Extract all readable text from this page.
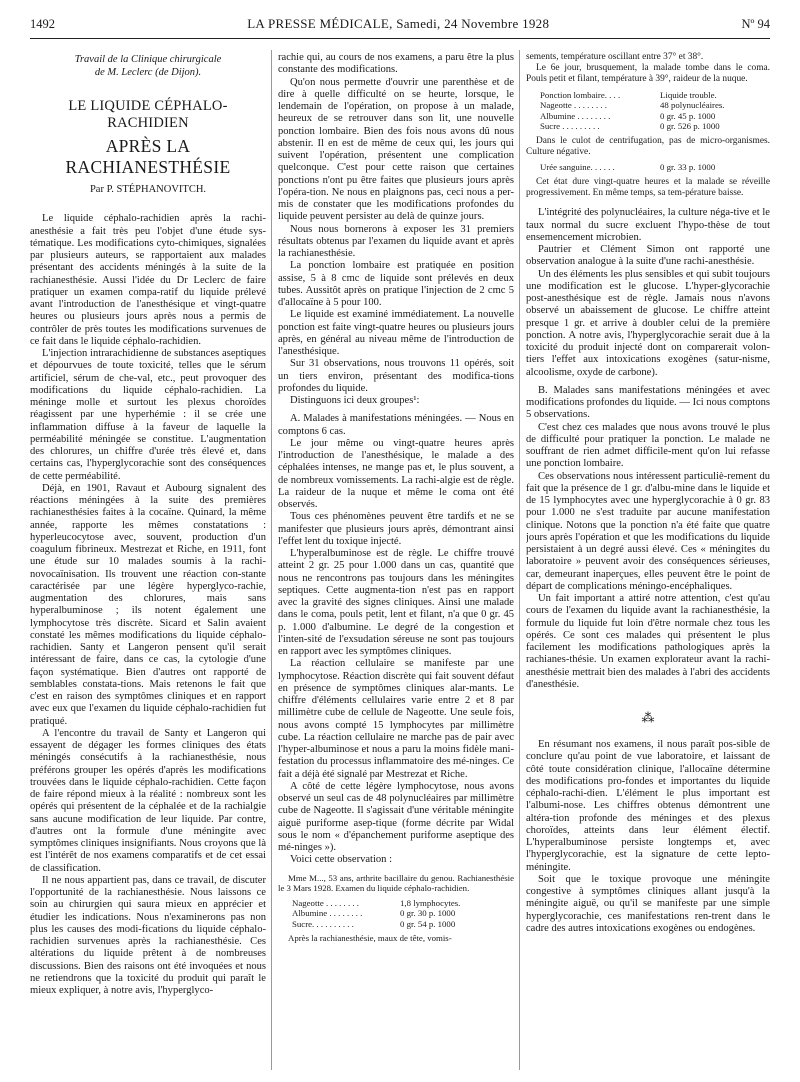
1492	LA PRESSE MÉDICALE, Samedi, 24 Novembre 1928	Nº 94
Travail de la Clinique chirurgicale
de M. Leclerc (de Dijon).
LE LIQUIDE CÉPHALO-RACHIDIEN
APRÈS LA RACHIANESTHÉSIE
Par P. STÉPHANOVITCH.

Le liquide céphalo-rachidien après la rachi-anesthésie a fait très peu l'objet d'une étude sys-tématique. Les modifications cyto-chimiques, signalées par plusieurs auteurs, se rapportaient aux malades présentant des accidents méningés à la suite de la rachianesthésie. Aussi l'idée du Dr Leclerc de faire pratiquer un examen compa-ratif du liquide prélevé avant l'introduction de l'anesthésique et vingt-quatre heures ou plusieurs jours après nous a permis de contrôler de près toutes les modifications survenues de ce fait dans le liquide céphalo-rachidien.

L'injection intrarachidienne de substances aseptiques et dépourvues de toute toxicité, telles que le sérum artificiel, sérum de che-val, etc., peut provoquer des modifications du liquide céphalo-rachidien. La méninge molle et surtout les plexus choroïdes réagissent par une hyperhémie : il se crée une inflammation diffuse à la faveur de laquelle la perméabilité méningée se constitue. L'augmentation des chlorures, un chiffre d'urée très élevé et, dans certains cas, l'hyperglycorachie sont des conséquences de cette perméabilité.

Déjà, en 1901, Ravaut et Aubourg signalent des réactions méningées à la suite des premières rachianesthésies faites à la cocaïne. Quinard, la même année, rapporte les mêmes constatations : hyperleucocytose avec, souvent, production d'un coagulum fibrineux. Mestrezat et Riche, en 1911, font une étude sur 10 malades soumis à la rachi-novocaïnisation. Ils trouvent une réaction con-stante caractérisée par une légère hyperglyco-rachie, augmentation des chlorures, mais sans hyperalbuminose ; ils notent également une lymphocytose très discrète. Sicard et Salin avaient constaté les mêmes modifications du liquide céphalo-rachidien. Santy et Langeron pensent qu'il serait intéressant de faire, dans ce cas, la cytologie d'une façon systématique. Bien d'autres ont rapporté de semblables constata-tions. Mais retenons le fait que c'est en raison des symptômes cliniques et en rapport avec eux que l'examen du liquide céphalo-rachidien fut pratiqué.

A l'encontre du travail de Santy et Langeron qui essayent de dégager les formes cliniques des états méningés consécutifs à la rachianesthésie, nous préférons grouper les opérés d'après les modifications trouvées dans le liquide céphalo-rachidien. Cette façon de faire répond mieux à la réalité : nombreux sont les opérés qui présentent de la céphalée et de la rachialgie sans aucune modification de leur liquide. Par contre, d'autres ont la formule d'une méningite avec symptômes cliniques insignifiants. Nous croyons que là est l'intérêt de nos examens comparatifs et de cet essai de classification.

Il ne nous appartient pas, dans ce travail, de discuter l'opportunité de la rachianesthésie. Nous laissons ce soin au chirurgien qui saura mieux en apprécier et étudier les indications. Nous n'examinerons pas non plus les causes des modi-fications du liquide céphalo-rachidien survenues après la rachianesthésie. Ces altérations du liquide prêtent à de nombreuses discussions. Bien des raisons ont été invoquées et nous ne retiendrons que la toxicité du produit qui paraît le mieux expliquer, à notre avis, l'hyperglyco-

rachie qui, au cours de nos examens, a paru être la plus constante des modifications.

Qu'on nous permette d'ouvrir une parenthèse et de dire à quelle difficulté on se heurte, lorsque, le lendemain de l'opération, on propose à un malade, heureux de se retrouver dans son lit, une nouvelle ponction lombaire. Bien des fois nous avons dû nous abstenir. Il en est de même de ceux qui, les jours qui suivent l'opération, présentent une complication quelconque. C'est pour cette raison que certaines ponctions n'ont pu être faites que plusieurs jours après l'opéra-tion. Ne nous en plaignons pas, ceci nous a per-mis de constater que les modifications profondes du liquide peuvent persister au delà de quinze jours.

Nous nous bornerons à exposer les 31 premiers résultats obtenus par l'examen du liquide avant et après la rachianesthésie.

La ponction lombaire est pratiquée en position assise, 5 à 8 cmc de liquide sont prélevés en deux tubes. Aussitôt après on pratique l'injection de 2 cmc 5 d'allocaïne à 5 pour 100.

Le liquide est examiné immédiatement. La nouvelle ponction est faite vingt-quatre heures ou plusieurs jours après, en général au niveau même de l'introduction de l'anesthésique.

Sur 31 observations, nous trouvons 11 opérés, soit un tiers environ, présentant des modifica-tions profondes du liquide.

Distinguons ici deux groupes¹:

A. Malades à manifestations méningées. — Nous en comptons 6 cas.

Le jour même ou vingt-quatre heures après l'introduction de l'anesthésique, le malade a des céphalées intenses, ne mange pas et, le plus souvent, a de nombreux vomissements. La rachi-algie est de règle. La raideur de la nuque et même le coma ont été observés.

Tous ces phénomènes peuvent être tardifs et ne se manifester que plusieurs jours après, démontrant ainsi l'effet lent du toxique injecté.

L'hyperalbuminose est de règle. Le chiffre trouvé atteint 2 gr. 25 pour 1.000 dans un cas, quantité que nous ne rencontrons pas toujours dans les méningites septiques. Cette augmenta-tion n'est pas en rapport avec la gravité des signes cliniques. Ainsi une malade dans le coma, pouls petit, lent et filant, n'a que 0 gr. 45 p. 1.000 d'albumine. Le degré de la congestion et l'inten-sité de l'exsudation séreuse ne sont pas toujours en rapport avec les symptômes cliniques.

La réaction cellulaire se manifeste par une lymphocytose. Réaction discrète qui fait souvent défaut en présence de symptômes cliniques alar-mants. Le chiffre d'éléments cellulaires varie entre 2 et 8 par millimètre cube de cellule de Nageotte. Une seule fois, nous avons compté 15 lymphocytes par millimètre cube. La réaction cellulaire ne marche pas de pair avec l'hyper-albuminose et nous a paru la moins fidèle mani-festation du processus inflammatoire des mé-ninges. Ce fait a déjà été signalé par Mestrezat et Riche.

A côté de cette légère lymphocytose, nous avons observé un seul cas de 48 polynucléaires par millimètre cube de Nageotte. Il s'agissait d'une véritable méningite aiguë puriforme asep-tique (forme décrite par Widal sous le nom « d'épanchement puriforme aseptique des mé-ninges »).

Voici cette observation :

Mme M..., 53 ans, arthrite bacillaire du genou. Rachianesthésie le 3 Mars 1928. Examen du liquide céphalo-rachidien.

Nageotte . . . . . . . .	1,8 lymphocytes.
Albumine . . . . . . . .	0 gr. 30 p. 1000
Sucre. . . . . . . . . .	0 gr. 54 p. 1000

Après la rachianesthésie, maux de tête, vomis-

sements, température oscillant entre 37° et 38°.

Le 6e jour, brusquement, la malade tombe dans le coma. Pouls petit et filant, température à 39°, raideur de la nuque.

Ponction lombaire. . . .	Liquide trouble.
Nageotte . . . . . . . .	48 polynucléaires.
Albumine . . . . . . . .	0 gr. 45 p. 1000
Sucre . . . . . . . . .	0 gr. 526 p. 1000

Dans le culot de centrifugation, pas de micro-organismes. Culture négative.

Urée sanguine. . . . . .	0 gr. 33 p. 1000

Cet état dure vingt-quatre heures et la malade se réveille progressivement. En même temps, sa tem-pérature baisse.

L'intégrité des polynucléaires, la culture néga-tive et le taux normal du sucre excluent l'hypo-thèse de tout ensemencement microbien.

Pautrier et Clément Simon ont rapporté une observation analogue à la suite d'une rachi-anesthésie.

Un des éléments les plus sensibles et qui subit toujours une modification est le glucose. L'hyper-glycorachie post-anesthésique est de règle. Jamais nous n'avons observé un abaissement de glucose. Le chiffre atteint presque 1 gr. et arrive à doubler celui de la première ponction. A notre avis, l'hyperglycorachie serait due à la toxicité du produit injecté dont on comparerait volon-tiers l'effet aux intoxications exogènes (satur-nisme, alcoolisme, oxyde de carbone).

B. Malades sans manifestations méningées et avec modifications profondes du liquide. — Ici nous comptons 5 observations.

C'est chez ces malades que nous avons trouvé le plus de difficulté pour pratiquer la ponction. Le malade ne souffrant de rien admet difficile-ment qu'on lui refasse une ponction lombaire.

Ces observations nous intéressent particuliè-rement du fait que la présence de 1 gr. d'albu-mine dans le liquide et de 15 lymphocytes avec une hyperglycorachie à 0 gr. 83 pour 1.000 ne s'est traduite par aucune manifestation clinique. Notons que la ponction n'a été faite que quatre jours après l'opération et que les modifications du liquide persistaient à un degré aussi élevé. Ces « méningites du laboratoire » peuvent avoir des conséquences sérieuses, car, demeurant inaperçues, elles peuvent être le point de départ de complications méningo-encéphaliques.

Un fait important a attiré notre attention, c'est qu'au cours de l'examen du liquide avant la rachianesthésie, la formule du liquide fut loin d'être normale chez tous les opérés. Ce sont ces malades qui présentent le plus facilement les modifications pathologiques après la rachianes-thésie. Un examen explorateur avant la rachi-anesthésie mettrait bien des malades à l'abri des accidents d'anesthésie.

⁂

En résumant nos examens, il nous paraît pos-sible de conclure qu'au point de vue laboratoire, et laissant de côté toute considération clinique, l'allocaïne détermine des modifications pro-fondes et importantes du liquide céphalo-rachi-dien. L'élément le plus important est l'albumi-nose. Les chiffres obtenus démontrent une altéra-tion profonde des méninges et des plexus choroïdes, atteints dans leur élément électif. L'hyperalbuminose persiste longtemps et, avec l'hyperglycorachie, est la signature de cette lepto-méningite.

Soit que le toxique provoque une méningite congestive à symptômes cliniques allant jusqu'à la méningite aiguë, ou qu'il se manifeste par une simple hyperglycorachie, ces manifestations ren-trent dans le cadre des autres intoxications exogènes ou endogènes.
